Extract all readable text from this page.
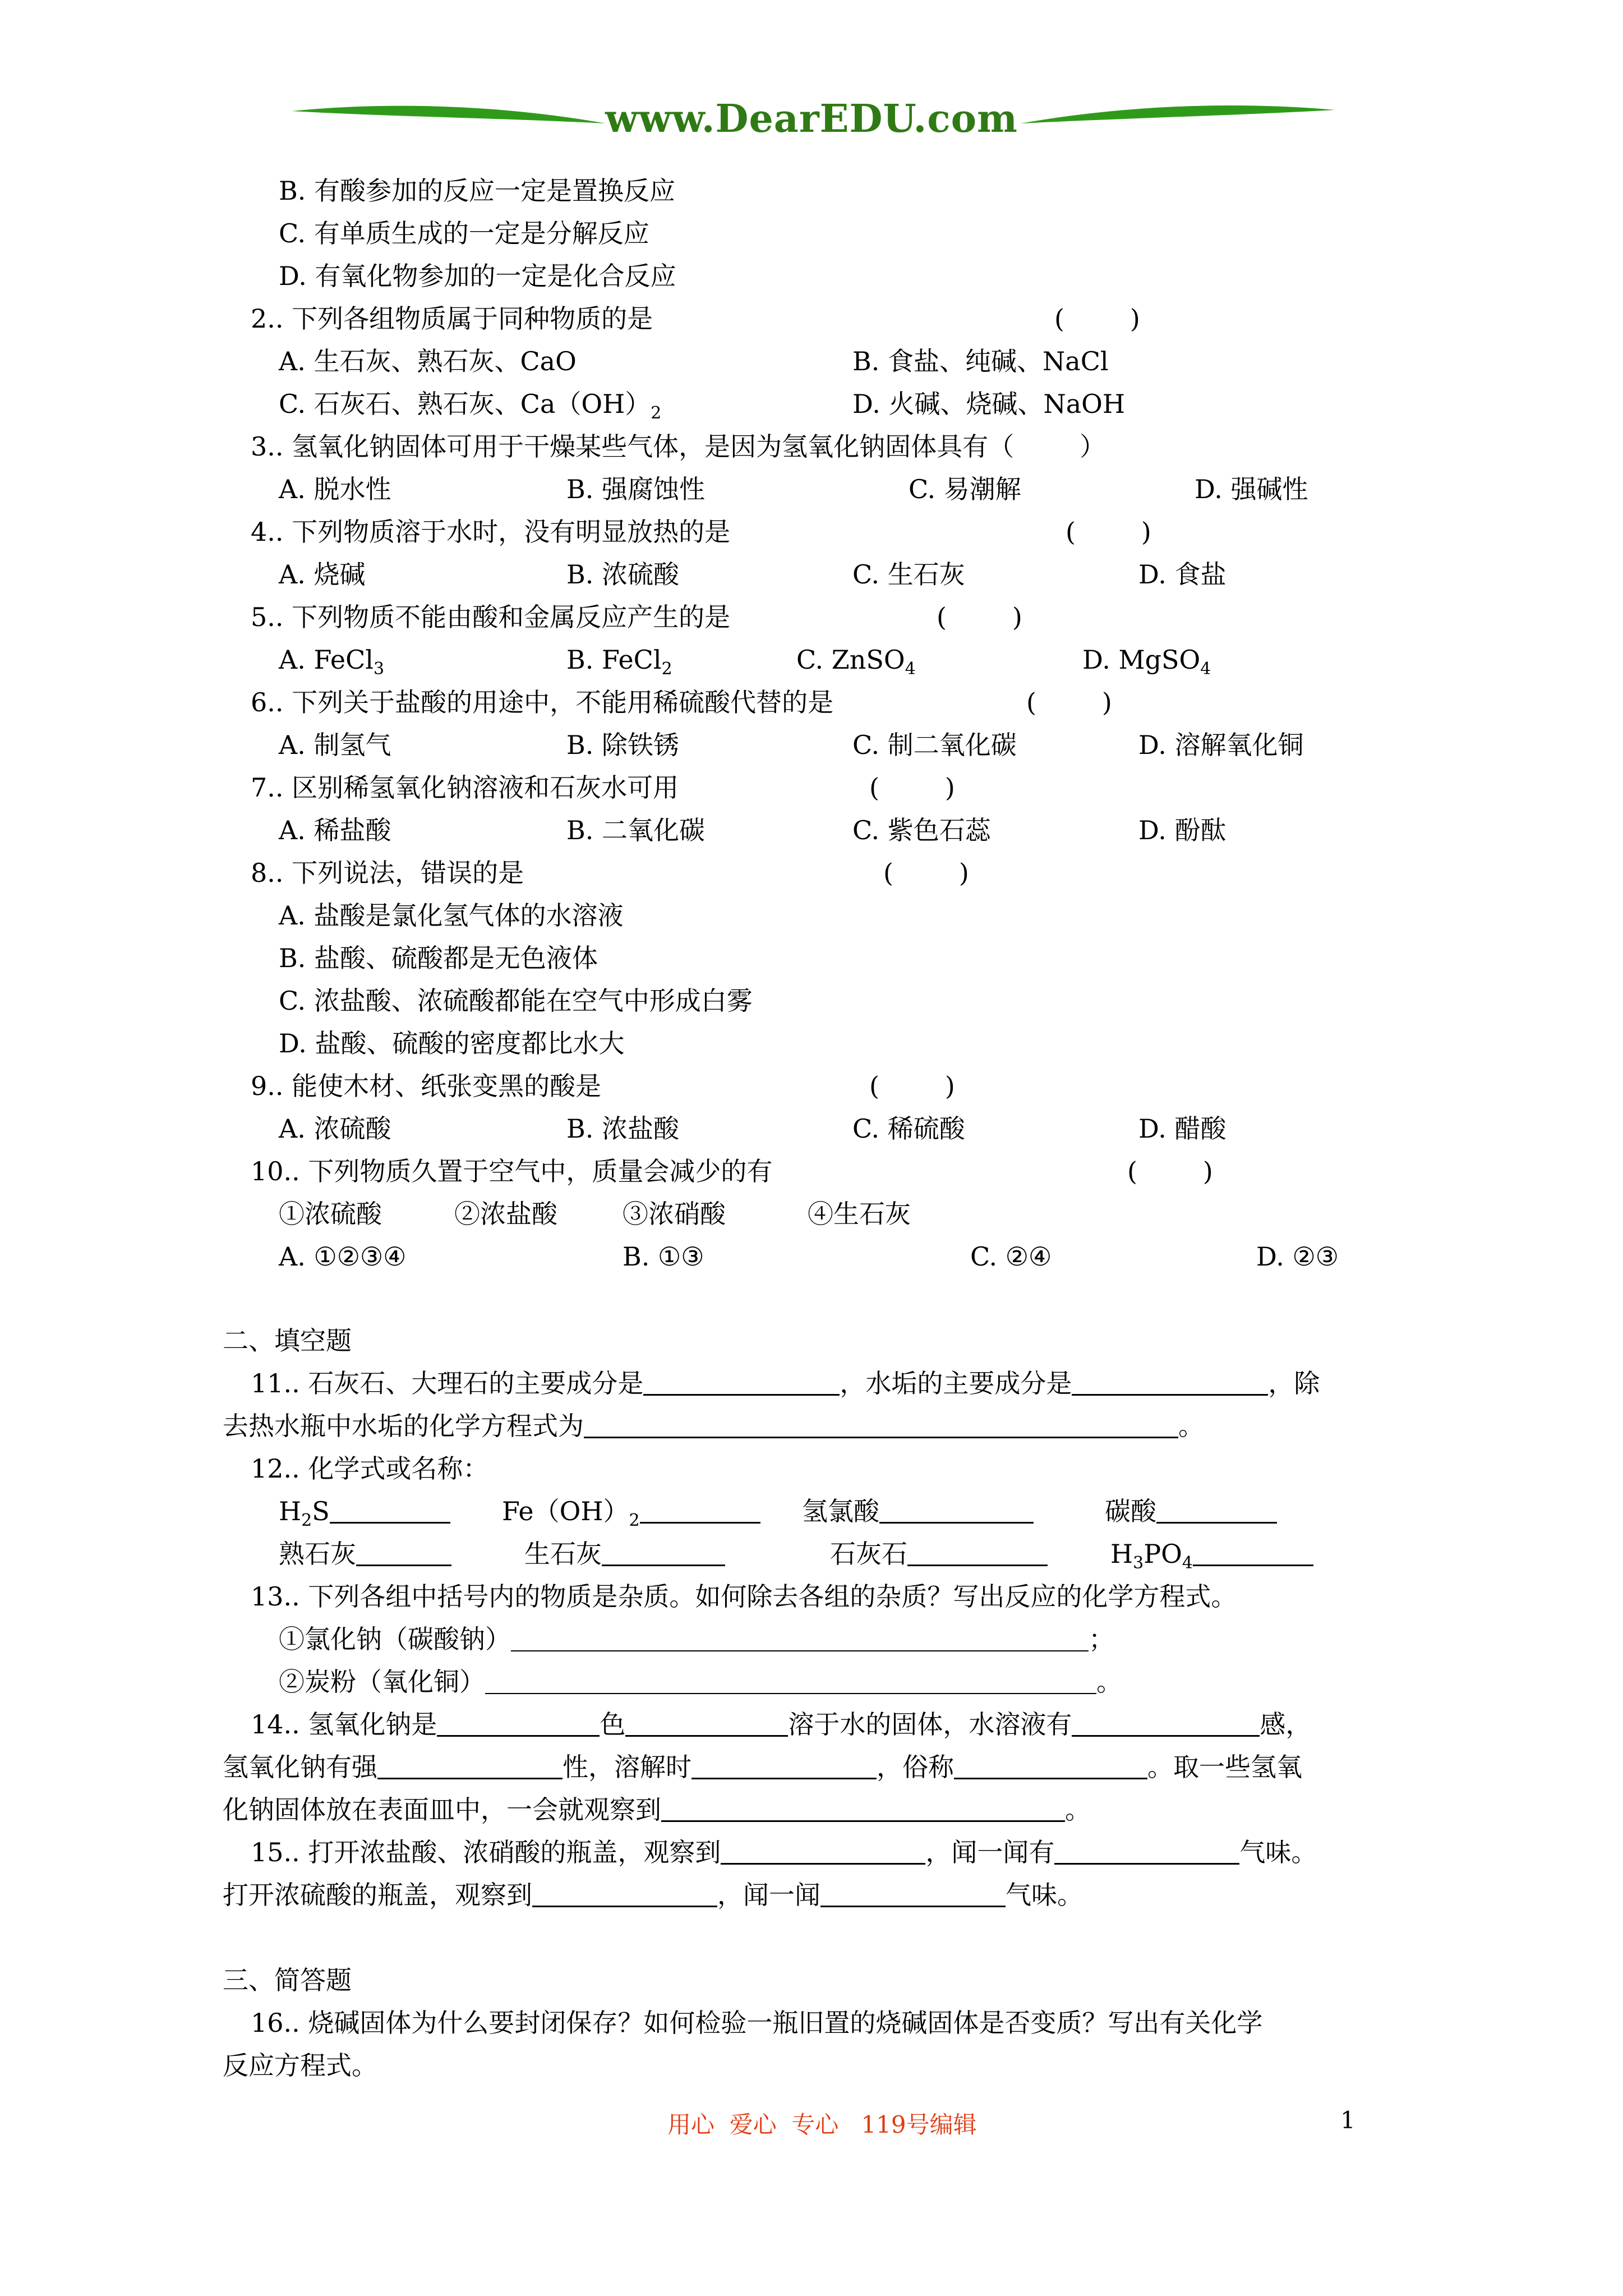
www.DearEDU.com
B. 有酸参加的反应一定是置换反应
C. 有单质生成的一定是分解反应
D. 有氧化物参加的一定是化合反应
2.. 下列各组物质属于同种物质的是	(        )
A. 生石灰、熟石灰、CaO	B. 食盐、纯碱、NaCl
C. 石灰石、熟石灰、$Ca(OH)_2$	D. 火碱、烧碱、NaOH
3.. 氢氧化钠固体可用于干燥某些气体，是因为氢氧化钠固体具有（        ）
A. 脱水性	B. 强腐蚀性	C. 易潮解	D. 强碱性
4.. 下列物质溶于水时，没有明显放热的是	(        )
A. 烧碱	B. 浓硫酸	C. 生石灰	D. 食盐
5.. 下列物质不能由酸和金属反应产生的是	(        )
A. FeCl$_3$	B. FeCl$_2$	C. ZnSO$_4$	D. MgSO$_4$
6.. 下列关于盐酸的用途中，不能用稀硫酸代替的是	(        )
A. 制氢气	B. 除铁锈	C. 制二氧化碳	D. 溶解氧化铜
7.. 区别稀氢氧化钠溶液和石灰水可用	(        )
A. 稀盐酸	B. 二氧化碳	C. 紫色石蕊	D. 酚酞
8.. 下列说法，错误的是	(        )
A. 盐酸是氯化氢气体的水溶液
B. 盐酸、硫酸都是无色液体
C. 浓盐酸、浓硫酸都能在空气中形成白雾
D. 盐酸、硫酸的密度都比水大
9.. 能使木材、纸张变黑的酸是	(        )
A. 浓硫酸	B. 浓盐酸	C. 稀硫酸	D. 醋酸
10.. 下列物质久置于空气中，质量会减少的有	(        )
①浓硫酸	②浓盐酸	③浓硝酸	④生石灰
A. ①②③④	B. ①③	C. ②④	D. ②③
二、填空题
11.. 石灰石、大理石的主要成分是	，水垢的主要成分是	，除
去热水瓶中水垢的化学方程式为	。
12.. 化学式或名称：
$H_2S$	$Fe(OH)_2$	氢氯酸	碳酸
熟石灰	生石灰	石灰石	$H_3PO_4$
13.. 下列各组中括号内的物质是杂质。如何除去各组的杂质？写出反应的化学方程式。
①氯化钠（碳酸钠）	；
②炭粉（氧化铜）	。
14.. 氢氧化钠是	色	溶于水的固体，水溶液有	感，
氢氧化钠有强	性，溶解时	，俗称	。取一些氢氧
化钠固体放在表面皿中，一会就观察到	。
15.. 打开浓盐酸、浓硝酸的瓶盖，观察到	，闻一闻有	气味。
打开浓硫酸的瓶盖，观察到	，闻一闻	气味。
三、简答题
16.. 烧碱固体为什么要封闭保存？如何检验一瓶旧置的烧碱固体是否变质？写出有关化学
反应方程式。
用心  爱心  专心   119号编辑	1
